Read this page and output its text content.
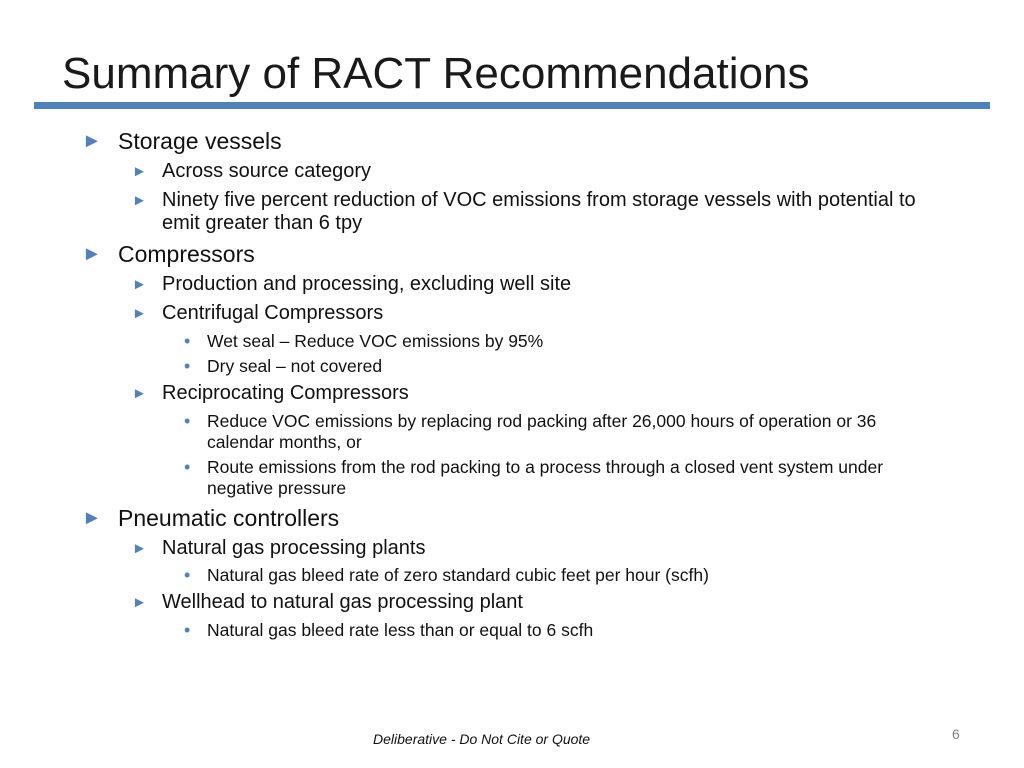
Summary of RACT Recommendations
► Storage vessels
► Across source category
► Ninety five percent reduction of VOC emissions from storage vessels with potential to emit greater than 6 tpy
► Compressors
► Production and processing, excluding well site
► Centrifugal Compressors
• Wet seal – Reduce VOC emissions by 95%
• Dry seal – not covered
► Reciprocating Compressors
• Reduce VOC emissions by replacing rod packing after 26,000 hours of operation or 36 calendar months, or
• Route emissions from the rod packing to a process through a closed vent system under negative pressure
► Pneumatic controllers
► Natural gas processing plants
• Natural gas bleed rate of zero standard cubic feet per hour (scfh)
► Wellhead to natural gas processing plant
• Natural gas bleed rate less than or equal to 6 scfh
Deliberative - Do Not Cite or Quote	6
